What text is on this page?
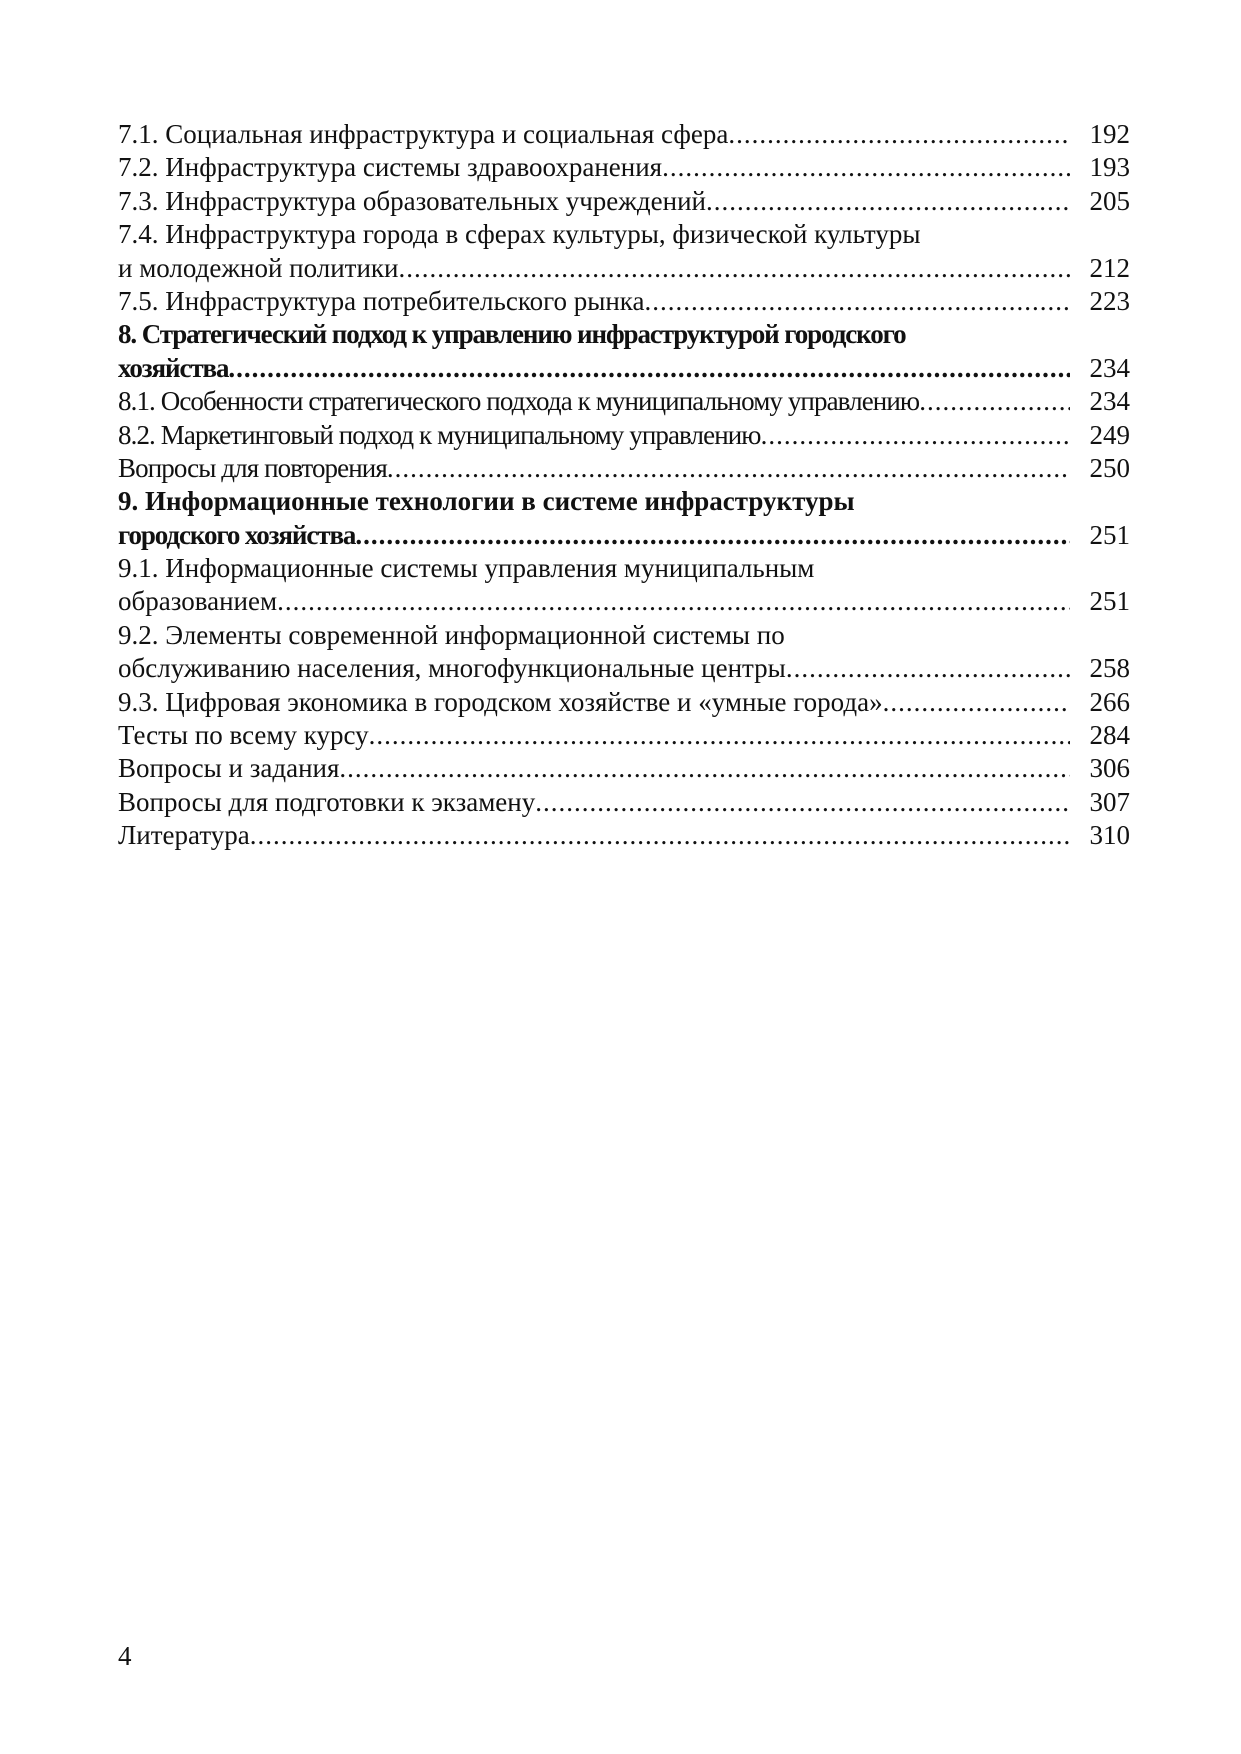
7.1. Социальная инфраструктура и социальная сфера .....	192
7.2. Инфраструктура системы здравоохранения .....	193
7.3. Инфраструктура образовательных учреждений .....	205
7.4. Инфраструктура города в сферах культуры, физической культуры
и молодежной политики .....	212
7.5. Инфраструктура потребительского рынка .....	223
8. Стратегический подход к управлению инфраструктурой городского
хозяйства .....	234
8.1. Особенности стратегического подхода к муниципальному управлению .....	234
8.2. Маркетинговый подход к муниципальному управлению .....	249
Вопросы для повторения .....	250
9. Информационные технологии в системе инфраструктуры
городского хозяйства .....	251
9.1. Информационные системы управления муниципальным
образованием .....	251
9.2. Элементы современной информационной системы по
обслуживанию населения, многофункциональные центры .....	258
9.3. Цифровая экономика в городском хозяйстве и «умные города» .....	266
Тесты по всему курсу .....	284
Вопросы и задания .....	306
Вопросы для подготовки к экзамену .....	307
Литература .....	310
4
